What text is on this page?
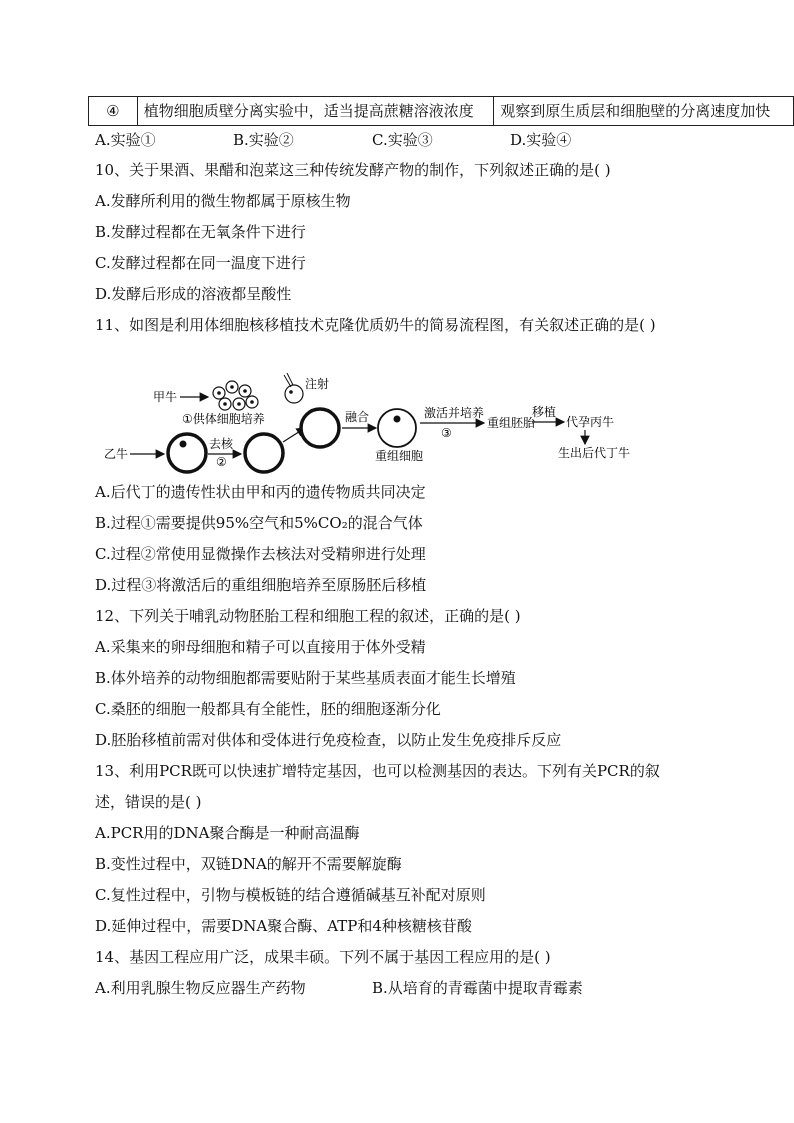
④	植物细胞质壁分离实验中，适当提高蔗糖溶液浓度	观察到原生质层和细胞壁的分离速度加快
A.实验①	B.实验②	C.实验③	D.实验④
10、关于果酒、果醋和泡菜这三种传统发酵产物的制作，下列叙述正确的是( )
A.发酵所利用的微生物都属于原核生物
B.发酵过程都在无氧条件下进行
C.发酵过程都在同一温度下进行
D.发酵后形成的溶液都呈酸性
11、如图是利用体细胞核移植技术克隆优质奶牛的简易流程图，有关叙述正确的是( )
甲牛
①供体细胞培养
乙牛
去核
②
注射
融合
重组细胞
激活并培养
③
重组胚胎
移植
代孕丙牛
生出后代丁牛
A.后代丁的遗传性状由甲和丙的遗传物质共同决定
B.过程①需要提供95%空气和5%CO₂的混合气体
C.过程②常使用显微操作去核法对受精卵进行处理
D.过程③将激活后的重组细胞培养至原肠胚后移植
12、下列关于哺乳动物胚胎工程和细胞工程的叙述，正确的是( )
A.采集来的卵母细胞和精子可以直接用于体外受精
B.体外培养的动物细胞都需要贴附于某些基质表面才能生长增殖
C.桑胚的细胞一般都具有全能性，胚的细胞逐渐分化
D.胚胎移植前需对供体和受体进行免疫检查，以防止发生免疫排斥反应
13、利用PCR既可以快速扩增特定基因，也可以检测基因的表达。下列有关PCR的叙
述，错误的是( )
A.PCR用的DNA聚合酶是一种耐高温酶
B.变性过程中，双链DNA的解开不需要解旋酶
C.复性过程中，引物与模板链的结合遵循碱基互补配对原则
D.延伸过程中，需要DNA聚合酶、ATP和4种核糖核苷酸
14、基因工程应用广泛，成果丰硕。下列不属于基因工程应用的是( )
A.利用乳腺生物反应器生产药物	B.从培育的青霉菌中提取青霉素
